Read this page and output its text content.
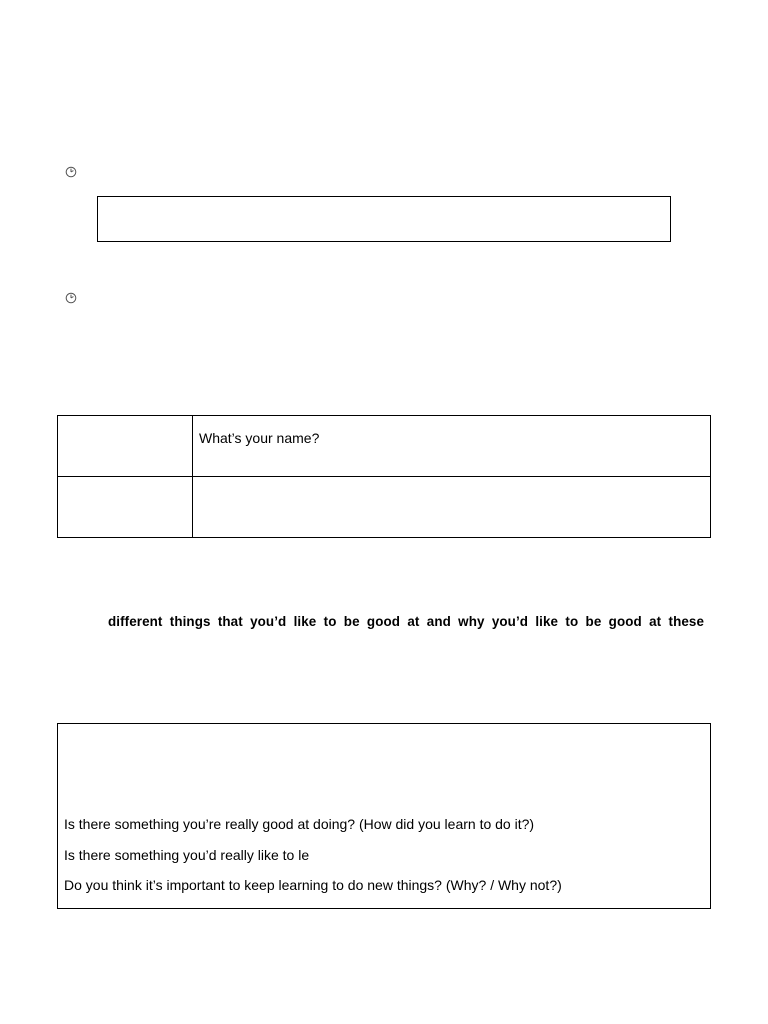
	What’s your name?

different things that you’d like to be good at and why you’d like to be good at these
Is there something you’re really good at doing? (How did you learn to do it?)
Is there something you’d really like to le
Do you think it’s important to keep learning to do new things? (Why? / Why not?)
